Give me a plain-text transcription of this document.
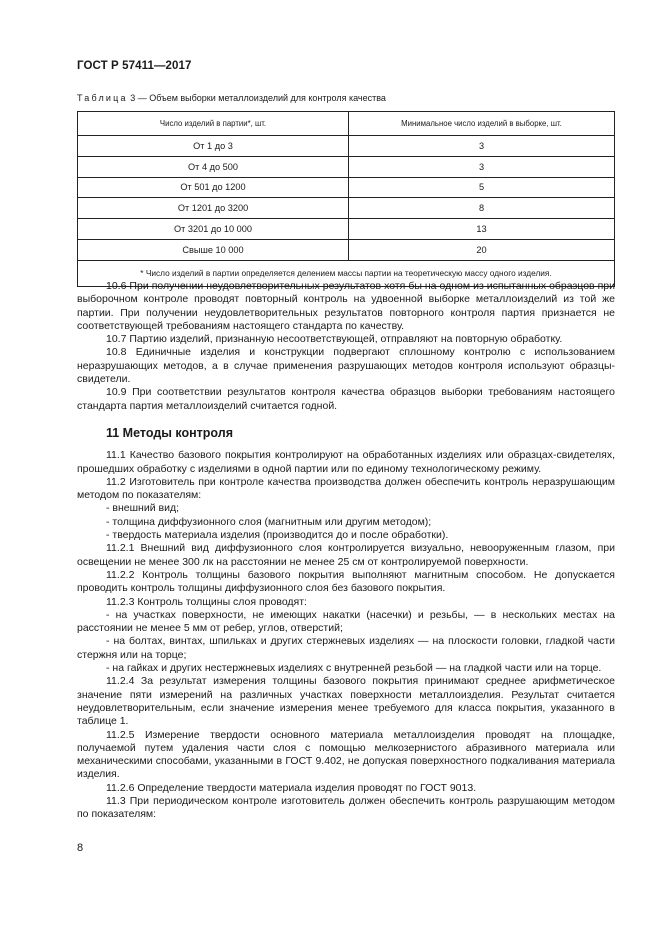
ГОСТ Р 57411—2017
Таблица 3 — Объем выборки металлоизделий для контроля качества
Число изделий в партии*, шт.	Минимальное число изделий в выборке, шт.
От 1 до 3	3
От 4 до 500	3
От 501 до 1200	5
От 1201 до 3200	8
От 3201 до 10 000	13
Свыше 10 000	20
* Число изделий в партии определяется делением массы партии на теоретическую массу одного изделия.	

10.6 При получении неудовлетворительных результатов хотя бы на одном из испытанных образцов при выборочном контроле проводят повторный контроль на удвоенной выборке металлоизделий из той же партии. При получении неудовлетворительных результатов повторного контроля партия признается не соответствующей требованиям настоящего стандарта по качеству.

10.7 Партию изделий, признанную несоответствующей, отправляют на повторную обработку.

10.8 Единичные изделия и конструкции подвергают сплошному контролю с использованием неразрушающих методов, а в случае применения разрушающих методов контроля используют образцы-свидетели.

10.9 При соответствии результатов контроля качества образцов выборки требованиям настоящего стандарта партия металлоизделий считается годной.

11 Методы контроля

11.1 Качество базового покрытия контролируют на обработанных изделиях или образцах-свидетелях, прошедших обработку с изделиями в одной партии или по единому технологическому режиму.

11.2 Изготовитель при контроле качества производства должен обеспечить контроль неразрушающим методом по показателям:

- внешний вид;

- толщина диффузионного слоя (магнитным или другим методом);

- твердость материала изделия (производится до и после обработки).

11.2.1 Внешний вид диффузионного слоя контролируется визуально, невооруженным глазом, при освещении не менее 300 лк на расстоянии не менее 25 см от контролируемой поверхности.

11.2.2 Контроль толщины базового покрытия выполняют магнитным способом. Не допускается проводить контроль толщины диффузионного слоя без базового покрытия.

11.2.3 Контроль толщины слоя проводят:

- на участках поверхности, не имеющих накатки (насечки) и резьбы, — в нескольких местах на расстоянии не менее 5 мм от ребер, углов, отверстий;

- на болтах, винтах, шпильках и других стержневых изделиях — на плоскости головки, гладкой части стержня или на торце;

- на гайках и других нестержневых изделиях с внутренней резьбой — на гладкой части или на торце.

11.2.4 За результат измерения толщины базового покрытия принимают среднее арифметическое значение пяти измерений на различных участках поверхности металлоизделия. Результат считается неудовлетворительным, если значение измерения менее требуемого для класса покрытия, указанного в таблице 1.

11.2.5 Измерение твердости основного материала металлоизделия проводят на площадке, получаемой путем удаления части слоя с помощью мелкозернистого абразивного материала или механическими способами, указанными в ГОСТ 9.402, не допуская поверхностного подкаливания материала изделия.

11.2.6 Определение твердости материала изделия проводят по ГОСТ 9013.

11.3 При периодическом контроле изготовитель должен обеспечить контроль разрушающим методом по показателям:

8
